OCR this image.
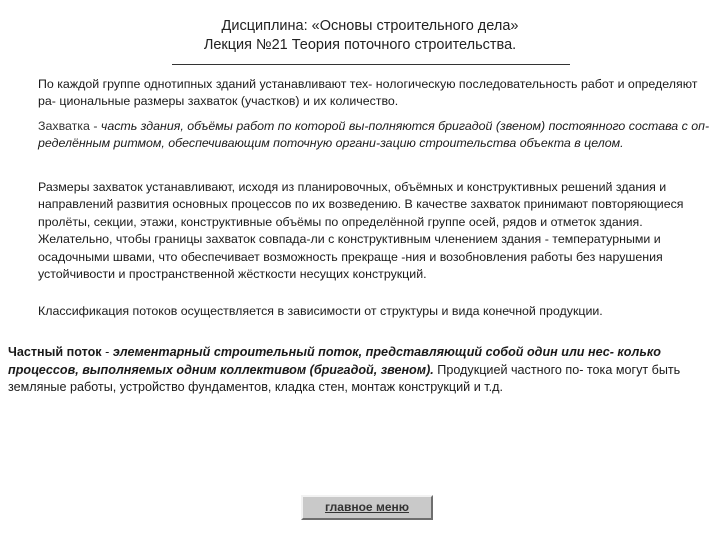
Дисциплина: «Основы строительного дела»
Лекция №21 Теория поточного строительства.
По каждой группе однотипных зданий устанавливают тех- нологическую последовательность работ и определяют ра- циональные размеры захваток (участков) и их количество.
Захватка - часть здания, объёмы работ по которой вы-полняются бригадой (звеном) постоянного состава с оп-ределённым ритмом, обеспечивающим поточную органи-зацию строительства объекта в целом.
Размеры захваток устанавливают, исходя из планировочных, объёмных и конструктивных решений здания и направлений развития основных процессов по их возведению. В качестве захваток принимают повторяющиеся пролёты, секции, этажи, конструктивные объёмы по определённой группе осей, рядов и отметок здания. Желательно, чтобы границы захваток совпада-ли с конструктивным членением здания - температурными и осадочными швами, что обеспечивает возможность прекраще -ния и возобновления работы без нарушения устойчивости и пространственной жёсткости несущих конструкций.
Классификация потоков осуществляется в зависимости от структуры и вида конечной продукции.
Частный поток - элементарный строительный поток, представляющий собой один или нес- колько процессов, выполняемых одним коллективом (бригадой, звеном). Продукцией частного по- тока могут быть земляные работы, устройство фундаментов, кладка стен, монтаж конструкций и т.д.
главное меню
